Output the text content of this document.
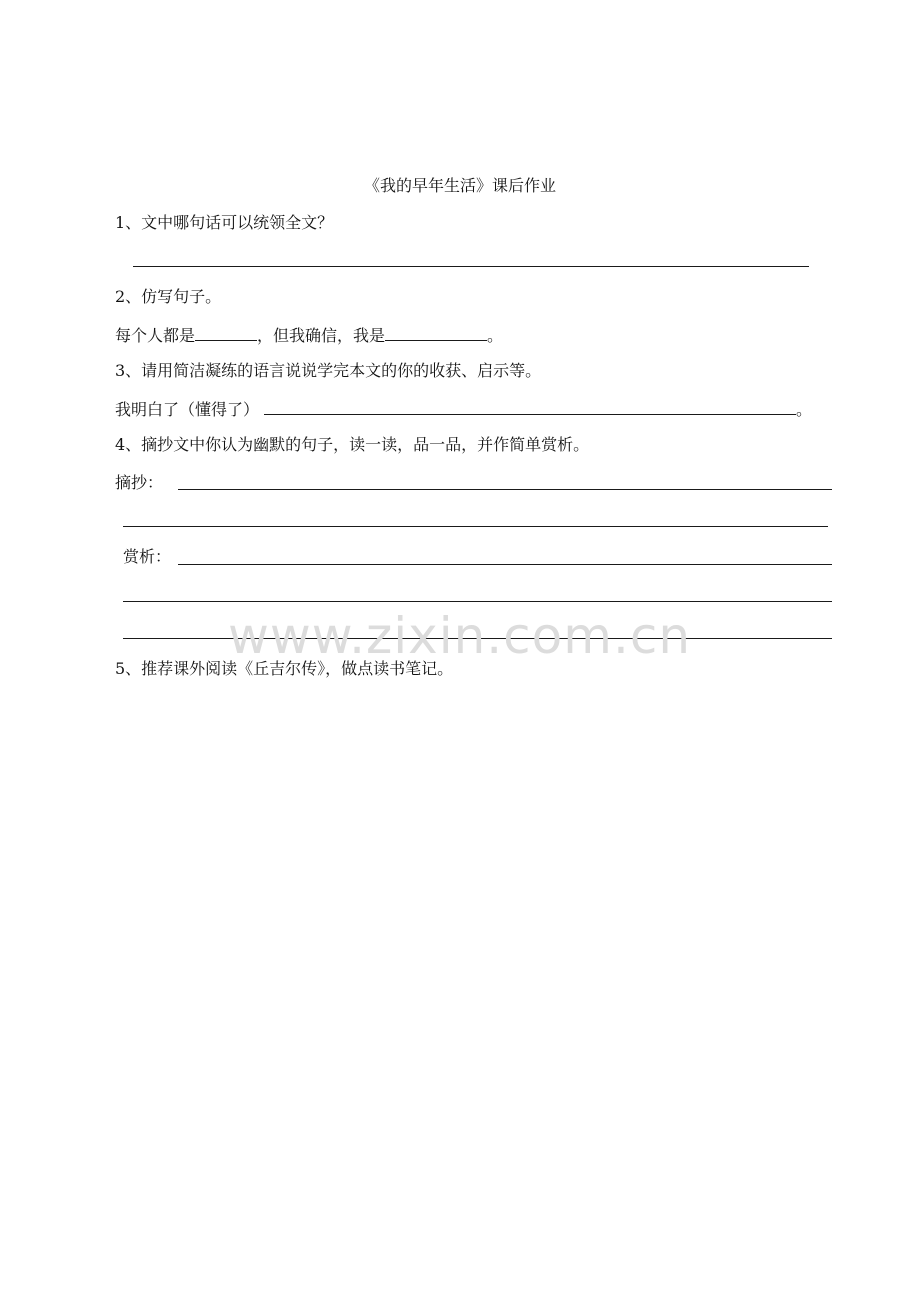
《我的早年生活》课后作业
1、文中哪句话可以统领全文？
2、仿写句子。
每个人都是	，但我确信，我是	。
3、请用简洁凝练的语言说说学完本文的你的收获、启示等。
我明白了（懂得了）	。
4、摘抄文中你认为幽默的句子，读一读，品一品，并作简单赏析。
摘抄：
赏析：
5、推荐课外阅读《丘吉尔传》，做点读书笔记。
www.zixin.com.cn
